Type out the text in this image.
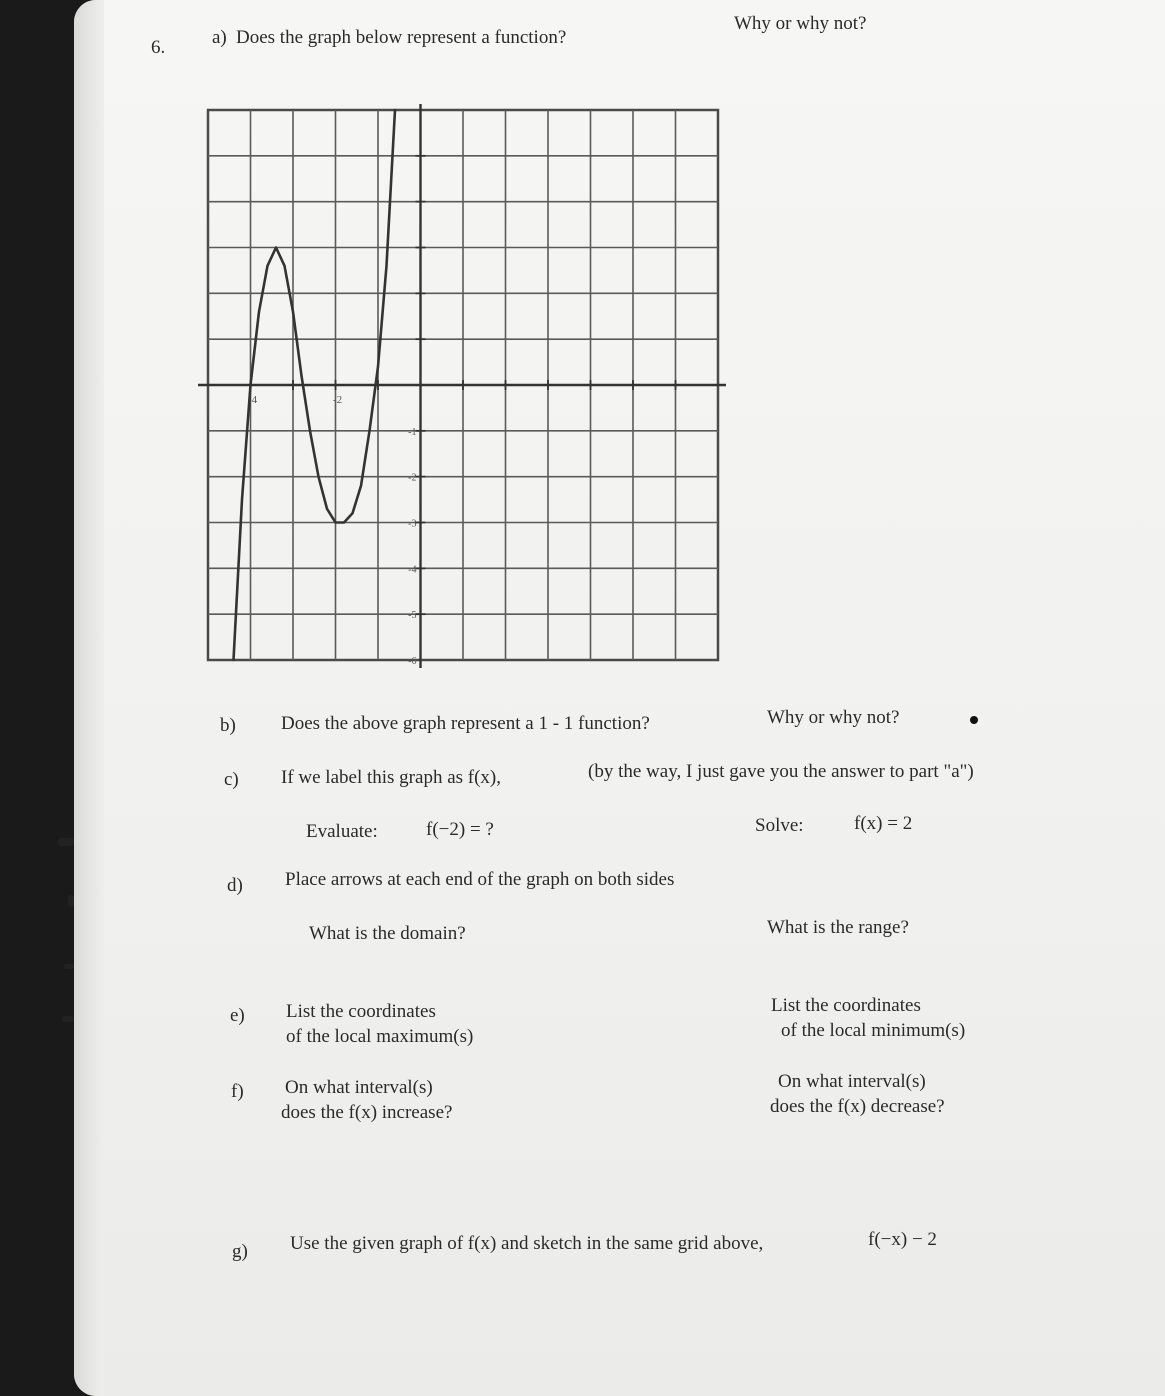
6. a) Does the graph below represent a function?
Why or why not?
-4	-2
-1
-2
-3
-4
-5
-6
b) Does the above graph represent a 1 - 1 function?	Why or why not?
c) If we label this graph as f(x),	(by the way, I just gave you the answer to part "a")
Evaluate:	f(−2) = ?	Solve:	f(x) = 2
d) Place arrows at each end of the graph on both sides
What is the domain?	What is the range?
e) List the coordinates
of the local maximum(s)
List the coordinates
of the local minimum(s)
f) On what interval(s)
does the f(x) increase?
On what interval(s)
does the f(x) decrease?
g) Use the given graph of f(x) and sketch in the same grid above,	f(−x) − 2
